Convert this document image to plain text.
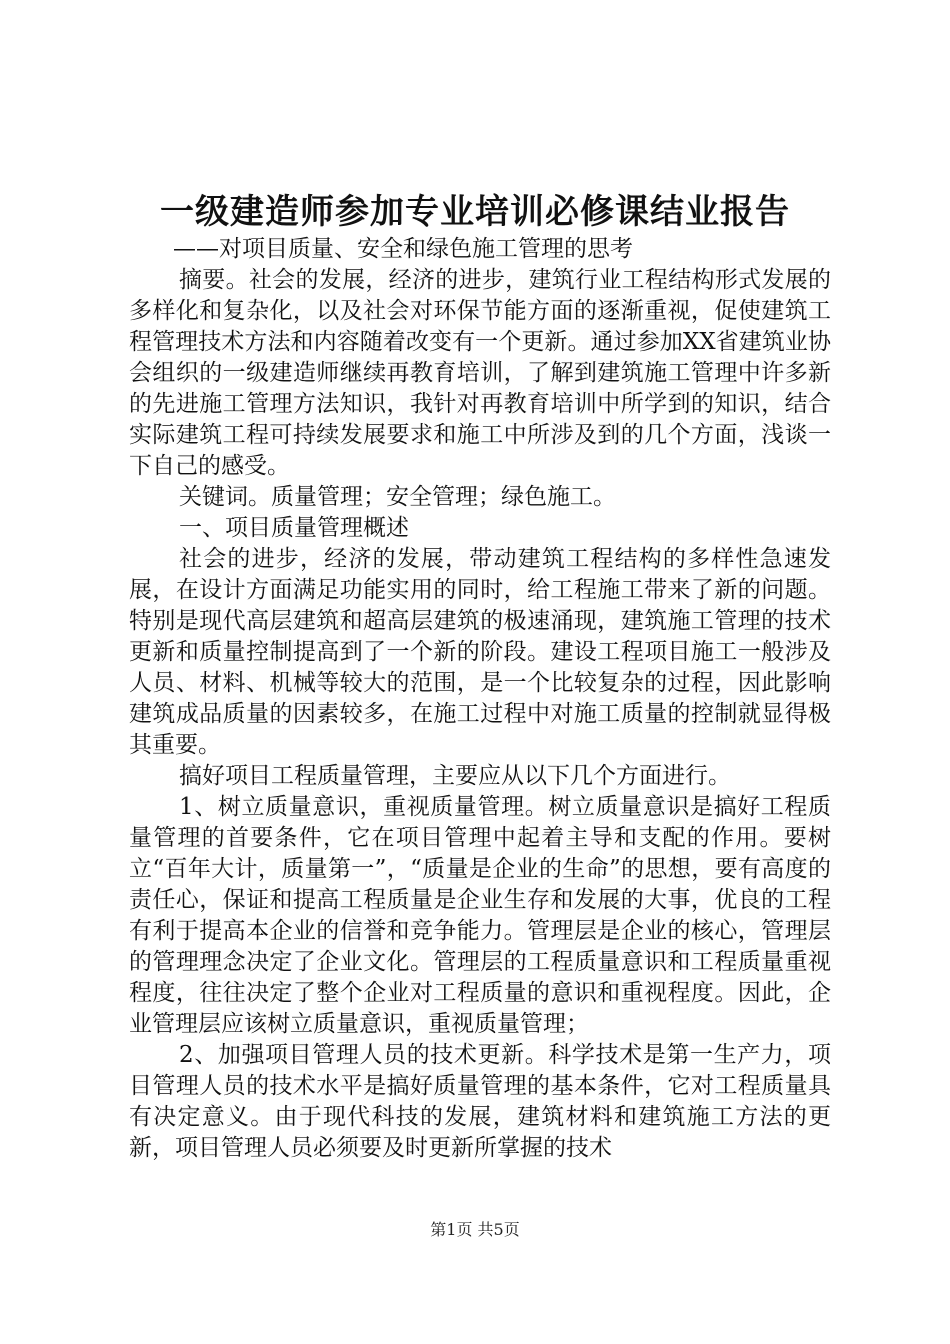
一级建造师参加专业培训必修课结业报告

——对项目质量、安全和绿色施工管理的思考

摘要。社会的发展，经济的进步，建筑行业工程结构形式发展的多样化和复杂化，以及社会对环保节能方面的逐渐重视，促使建筑工程管理技术方法和内容随着改变有一个更新。通过参加XX省建筑业协会组织的一级建造师继续再教育培训，了解到建筑施工管理中许多新的先进施工管理方法知识，我针对再教育培训中所学到的知识，结合实际建筑工程可持续发展要求和施工中所涉及到的几个方面，浅谈一下自己的感受。

关键词。质量管理；安全管理；绿色施工。

一、项目质量管理概述

社会的进步，经济的发展，带动建筑工程结构的多样性急速发展，在设计方面满足功能实用的同时，给工程施工带来了新的问题。特别是现代高层建筑和超高层建筑的极速涌现，建筑施工管理的技术更新和质量控制提高到了一个新的阶段。建设工程项目施工一般涉及人员、材料、机械等较大的范围，是一个比较复杂的过程，因此影响建筑成品质量的因素较多，在施工过程中对施工质量的控制就显得极其重要。

搞好项目工程质量管理，主要应从以下几个方面进行。

1、树立质量意识，重视质量管理。树立质量意识是搞好工程质量管理的首要条件，它在项目管理中起着主导和支配的作用。要树立“百年大计，质量第一”，“质量是企业的生命”的思想，要有高度的责任心，保证和提高工程质量是企业生存和发展的大事，优良的工程有利于提高本企业的信誉和竞争能力。管理层是企业的核心，管理层的管理理念决定了企业文化。管理层的工程质量意识和工程质量重视程度，往往决定了整个企业对工程质量的意识和重视程度。因此，企业管理层应该树立质量意识，重视质量管理；

2、加强项目管理人员的技术更新。科学技术是第一生产力，项目管理人员的技术水平是搞好质量管理的基本条件，它对工程质量具有决定意义。由于现代科技的发展，建筑材料和建筑施工方法的更新，项目管理人员必须要及时更新所掌握的技术

第1页 共5页
